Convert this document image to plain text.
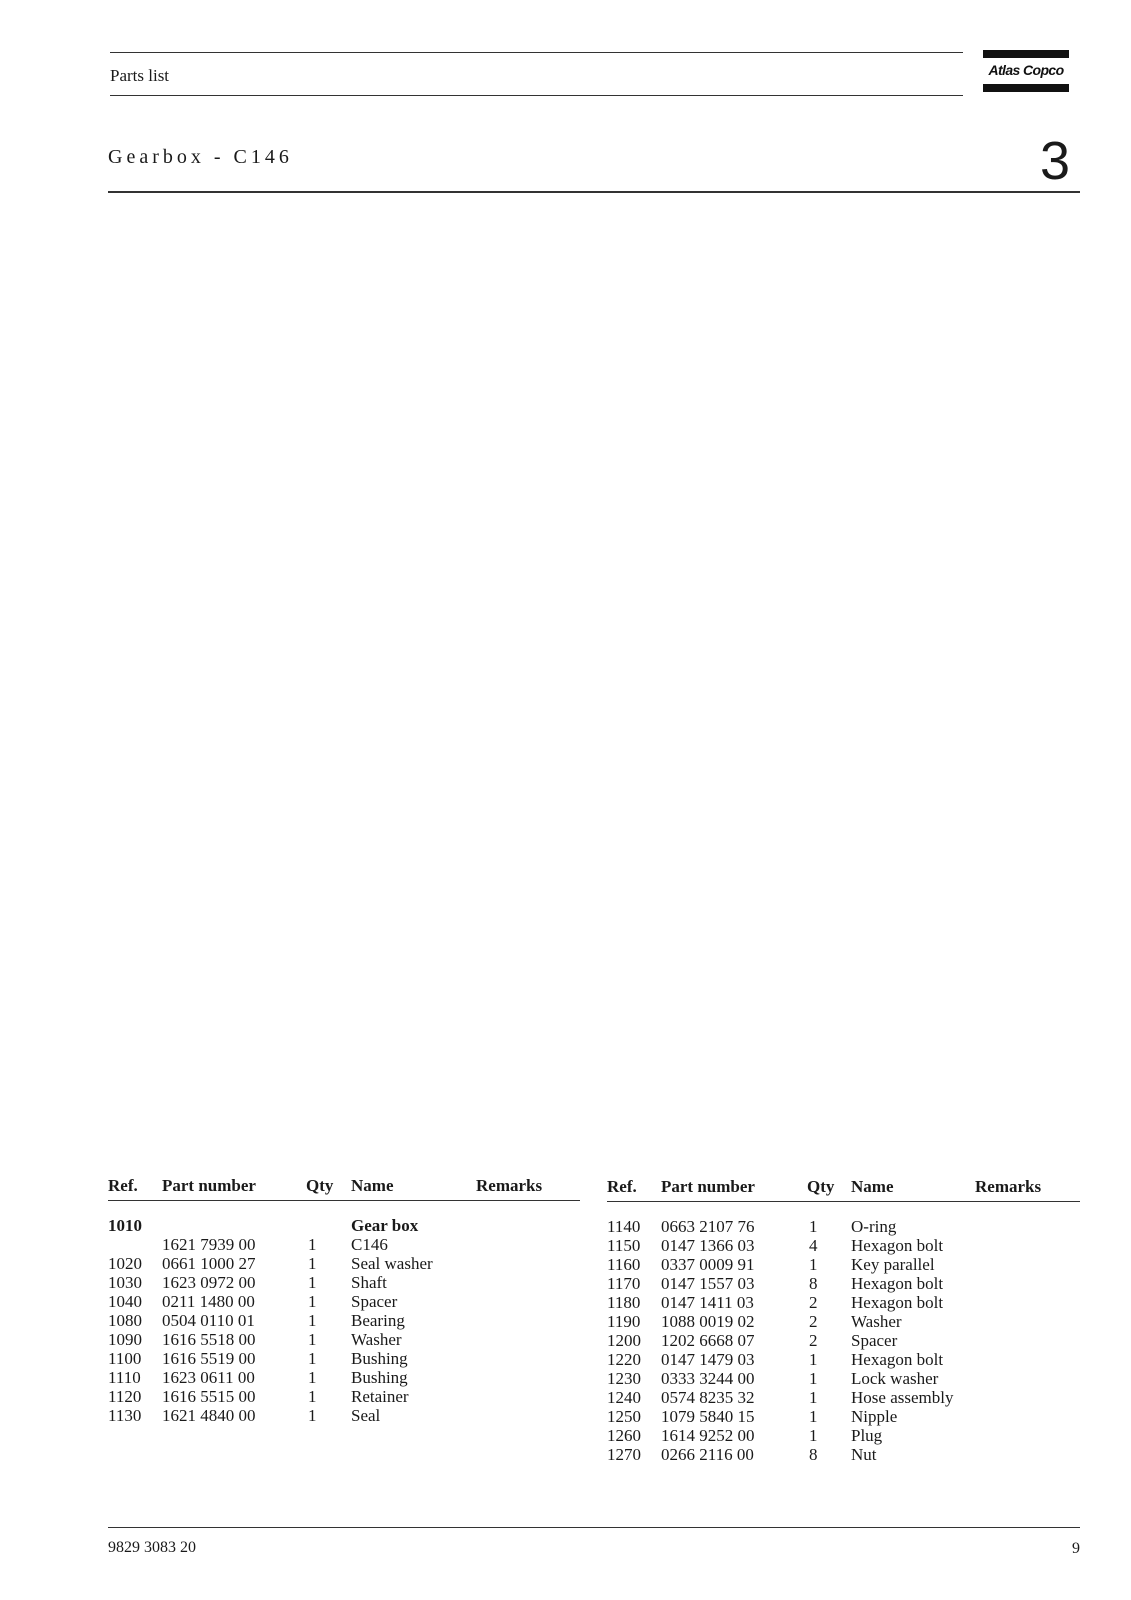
Parts list	Atlas Copco
Gearbox - C146	3
Ref. Part number	Qty Name	Remarks
1010	Gear box
1621 7939 00	1 C146
1020 0661 1000 27	1 Seal washer
1030 1623 0972 00	1 Shaft
1040 0211 1480 00	1 Spacer
1080 0504 0110 01	1 Bearing
1090 1616 5518 00	1 Washer
1100 1616 5519 00	1 Bushing
1110 1623 0611 00	1 Bushing
1120 1616 5515 00	1 Retainer
1130 1621 4840 00	1 Seal
Ref. Part number	Qty Name	Remarks
1140 0663 2107 76	1 O-ring
1150 0147 1366 03	4 Hexagon bolt
1160 0337 0009 91	1 Key parallel
1170 0147 1557 03	8 Hexagon bolt
1180 0147 1411 03	2 Hexagon bolt
1190 1088 0019 02	2 Washer
1200 1202 6668 07	2 Spacer
1220 0147 1479 03	1 Hexagon bolt
1230 0333 3244 00	1 Lock washer
1240 0574 8235 32	1 Hose assembly
1250 1079 5840 15	1 Nipple
1260 1614 9252 00	1 Plug
1270 0266 2116 00	8 Nut
9829 3083 20	9
